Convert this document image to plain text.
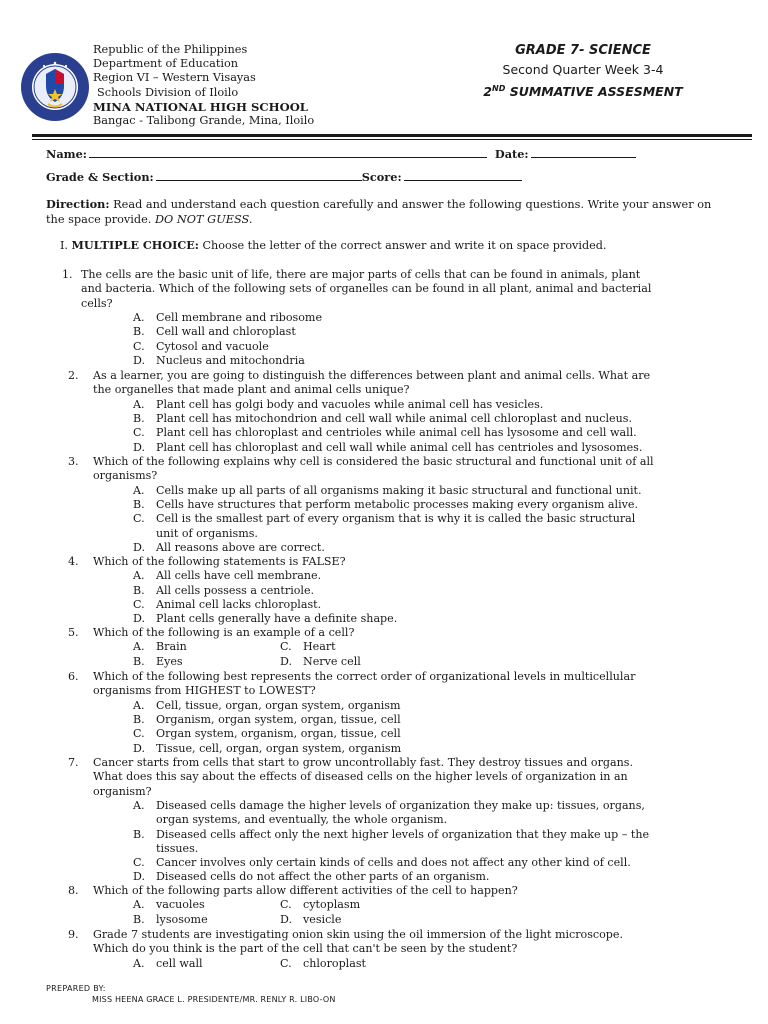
Republic of the Philippines
Department of Education
Region VI – Western Visayas
Schools Division of Iloilo
MINA NATIONAL HIGH SCHOOL
Bangac - Talibong Grande, Mina, Iloilo
GRADE 7- SCIENCE
Second Quarter Week 3-4
2ND SUMMATIVE ASSESMENT
Name:	Date:
Grade & Section:	Score:
Direction: Read and understand each question carefully and answer the following questions. Write your answer on the space provide. DO NOT GUESS.
I. MULTIPLE CHOICE: Choose the letter of the correct answer and write it on space provided.
1. The cells are the basic unit of life, there are major parts of cells that can be found in animals, plant
and bacteria. Which of the following sets of organelles can be found in all plant, animal and bacterial
cells?
A. Cell membrane and ribosome
B. Cell wall and chloroplast
C. Cytosol and vacuole
D. Nucleus and mitochondria
2. As a learner, you are going to distinguish the differences between plant and animal cells. What are
the organelles that made plant and animal cells unique?
A. Plant cell has golgi body and vacuoles while animal cell has vesicles.
B. Plant cell has mitochondrion and cell wall while animal cell chloroplast and nucleus.
C. Plant cell has chloroplast and centrioles while animal cell has lysosome and cell wall.
D. Plant cell has chloroplast and cell wall while animal cell has centrioles and lysosomes.
3. Which of the following explains why cell is considered the basic structural and functional unit of all
organisms?
A. Cells make up all parts of all organisms making it basic structural and functional unit.
B. Cells have structures that perform metabolic processes making every organism alive.
C. Cell is the smallest part of every organism that is why it is called the basic structural
unit of organisms.
D. All reasons above are correct.
4. Which of the following statements is FALSE?
A. All cells have cell membrane.
B. All cells possess a centriole.
C. Animal cell lacks chloroplast.
D. Plant cells generally have a definite shape.
5. Which of the following is an example of a cell?
A. Brain	C. Heart
B. Eyes	D. Nerve cell
6. Which of the following best represents the correct order of organizational levels in multicellular
organisms from HIGHEST to LOWEST?
A. Cell, tissue, organ, organ system, organism
B. Organism, organ system, organ, tissue, cell
C. Organ system, organism, organ, tissue, cell
D. Tissue, cell, organ, organ system, organism
7. Cancer starts from cells that start to grow uncontrollably fast. They destroy tissues and organs.
What does this say about the effects of diseased cells on the higher levels of organization in an
organism?
A. Diseased cells damage the higher levels of organization they make up: tissues, organs,
organ systems, and eventually, the whole organism.
B. Diseased cells affect only the next higher levels of organization that they make up – the
tissues.
C. Cancer involves only certain kinds of cells and does not affect any other kind of cell.
D. Diseased cells do not affect the other parts of an organism.
8. Which of the following parts allow different activities of the cell to happen?
A. vacuoles	C. cytoplasm
B. lysosome	D. vesicle
9. Grade 7 students are investigating onion skin using the oil immersion of the light microscope.
Which do you think is the part of the cell that can't be seen by the student?
A. cell wall	C. chloroplast
PREPARED BY:
MISS HEENA GRACE L. PRESIDENTE/MR. RENLY R. LIBO-ON
